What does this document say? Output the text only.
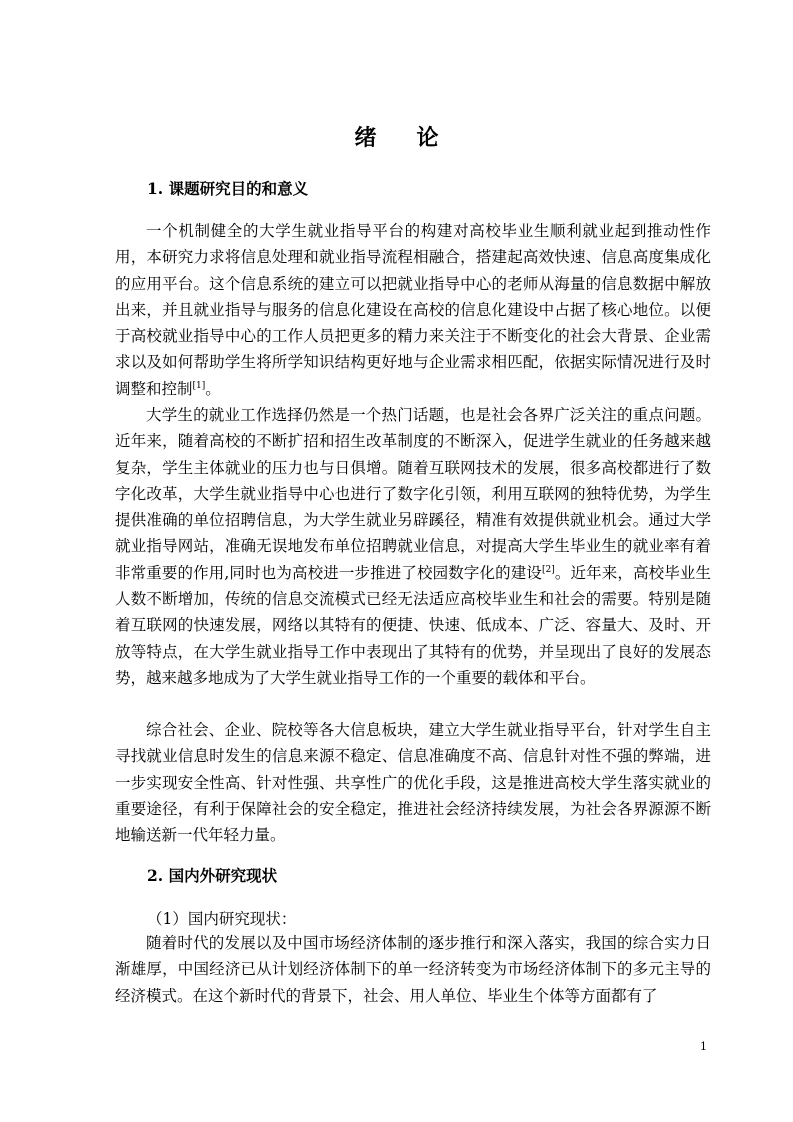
绪 论
1. 课题研究目的和意义

一个机制健全的大学生就业指导平台的构建对高校毕业生顺利就业起到推动性作用，本研究力求将信息处理和就业指导流程相融合，搭建起高效快速、信息高度集成化的应用平台。这个信息系统的建立可以把就业指导中心的老师从海量的信息数据中解放出来，并且就业指导与服务的信息化建设在高校的信息化建设中占据了核心地位。以便于高校就业指导中心的工作人员把更多的精力来关注于不断变化的社会大背景、企业需求以及如何帮助学生将所学知识结构更好地与企业需求相匹配，依据实际情况进行及时调整和控制[1]。

大学生的就业工作选择仍然是一个热门话题，也是社会各界广泛关注的重点问题。近年来，随着高校的不断扩招和招生改革制度的不断深入，促进学生就业的任务越来越复杂，学生主体就业的压力也与日俱增。随着互联网技术的发展，很多高校都进行了数字化改革，大学生就业指导中心也进行了数字化引领，利用互联网的独特优势，为学生提供准确的单位招聘信息，为大学生就业另辟蹊径，精准有效提供就业机会。通过大学就业指导网站，准确无误地发布单位招聘就业信息，对提高大学生毕业生的就业率有着非常重要的作用,同时也为高校进一步推进了校园数字化的建设[2]。近年来，高校毕业生人数不断增加，传统的信息交流模式已经无法适应高校毕业生和社会的需要。特别是随着互联网的快速发展，网络以其特有的便捷、快速、低成本、广泛、容量大、及时、开放等特点，在大学生就业指导工作中表现出了其特有的优势，并呈现出了良好的发展态势，越来越多地成为了大学生就业指导工作的一个重要的载体和平台。

综合社会、企业、院校等各大信息板块，建立大学生就业指导平台，针对学生自主寻找就业信息时发生的信息来源不稳定、信息准确度不高、信息针对性不强的弊端，进一步实现安全性高、针对性强、共享性广的优化手段，这是推进高校大学生落实就业的重要途径，有利于保障社会的安全稳定，推进社会经济持续发展，为社会各界源源不断地输送新一代年轻力量。

2. 国内外研究现状
（1）国内研究现状：

随着时代的发展以及中国市场经济体制的逐步推行和深入落实，我国的综合实力日渐雄厚，中国经济已从计划经济体制下的单一经济转变为市场经济体制下的多元主导的经济模式。在这个新时代的背景下，社会、用人单位、毕业生个体等方面都有了

1
